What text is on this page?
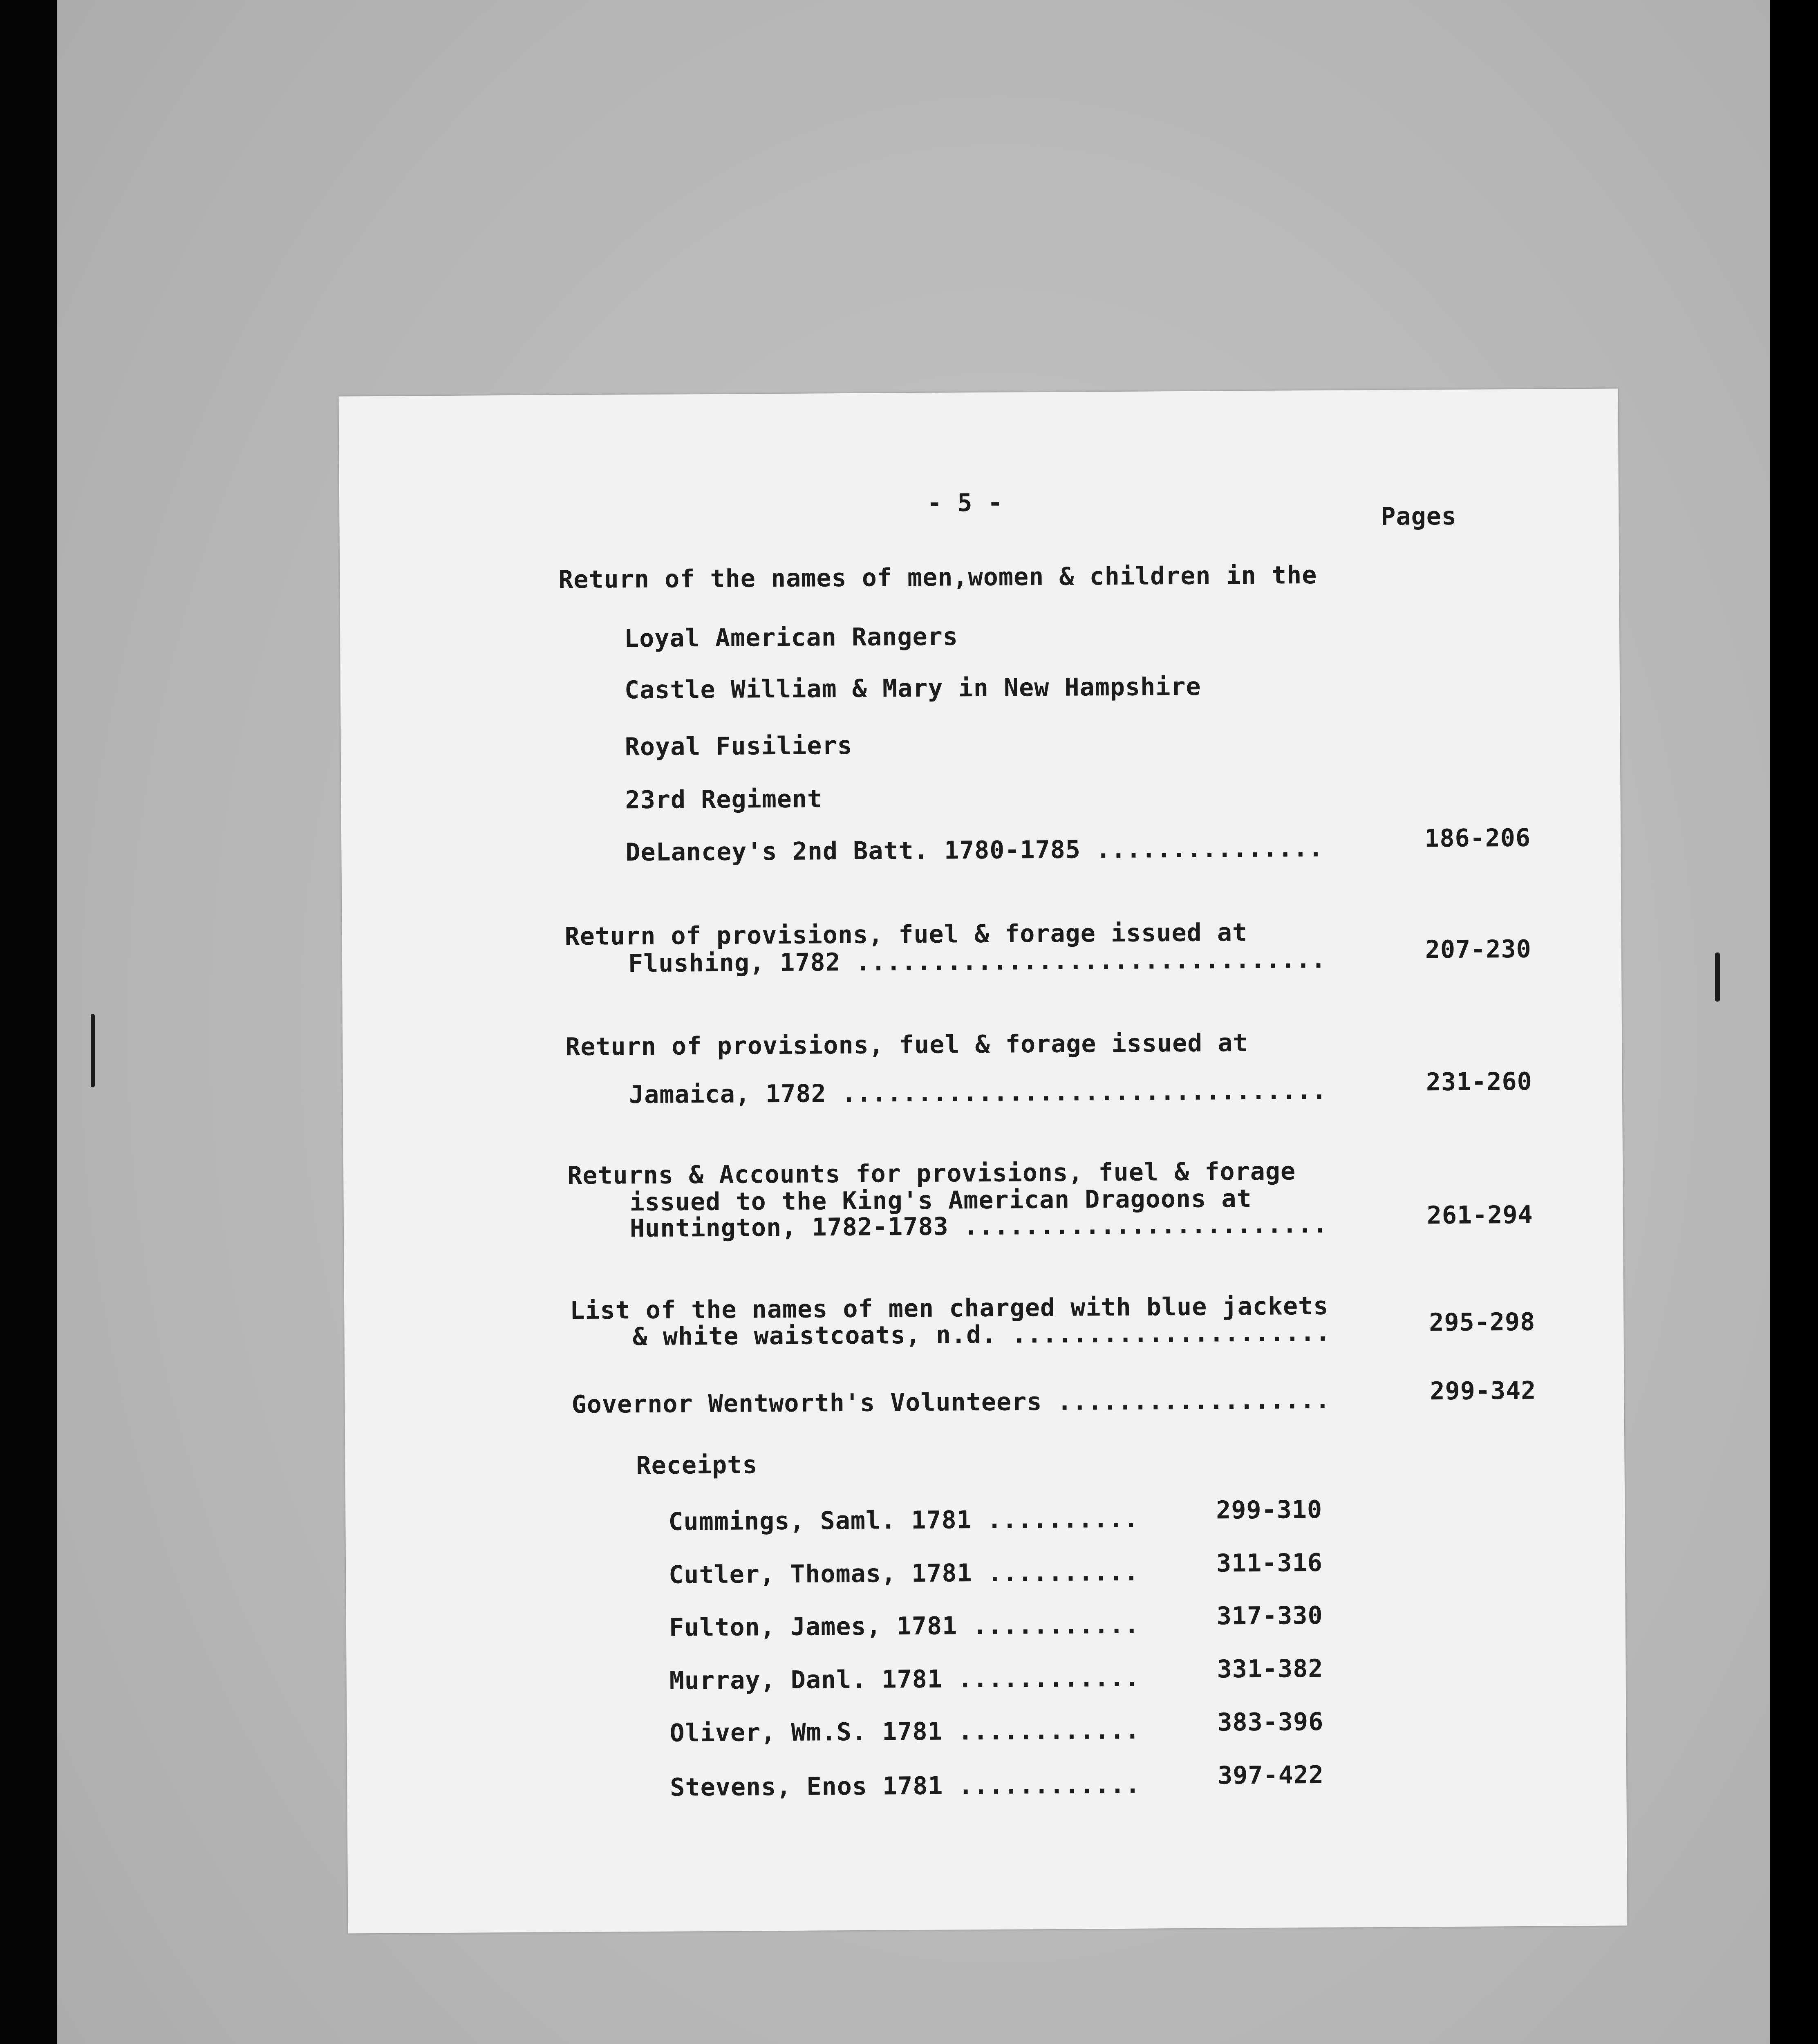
- 5 -	Pages
Return of the names of men,women & children in the
Loyal American Rangers
Castle William & Mary in New Hampshire
Royal Fusiliers
23rd Regiment
DeLancey's 2nd Batt. 1780-1785 ...............	186-206
Return of provisions, fuel & forage issued at
Flushing, 1782 ...............................	207-230
Return of provisions, fuel & forage issued at
Jamaica, 1782 ................................	231-260
Returns & Accounts for provisions, fuel & forage
issued to the King's American Dragoons at
Huntington, 1782-1783 ........................	261-294
List of the names of men charged with blue jackets
& white waistcoats, n.d. .....................	295-298
Governor Wentworth's Volunteers ..................	299-342
Receipts
Cummings, Saml. 1781 ..........	299-310
Cutler, Thomas, 1781 ..........	311-316
Fulton, James, 1781 ...........	317-330
Murray, Danl. 1781 ............	331-382
Oliver, Wm.S. 1781 ............	383-396
Stevens, Enos 1781 ............	397-422
